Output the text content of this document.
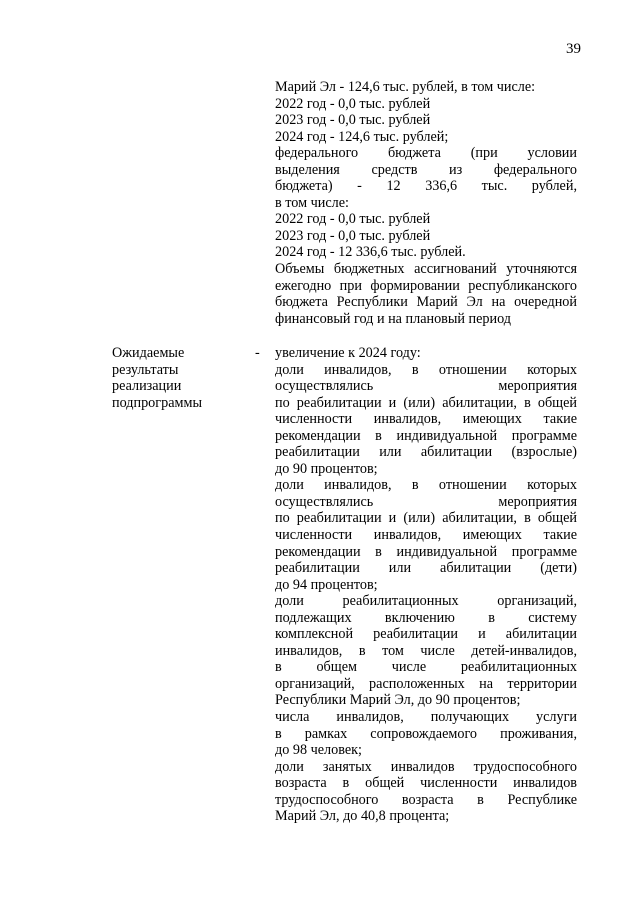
39
Марий Эл - 124,6 тыс. рублей, в том числе:
2022 год - 0,0 тыс. рублей
2023 год - 0,0 тыс. рублей
2024 год - 124,6 тыс. рублей;
федерального бюджета (при условии
выделения средств из федерального
бюджета) - 12 336,6 тыс. рублей,
в том числе:
2022 год - 0,0 тыс. рублей
2023 год - 0,0 тыс. рублей
2024 год - 12 336,6 тыс. рублей.
Объемы бюджетных ассигнований уточняются
ежегодно при формировании республиканского
бюджета Республики Марий Эл на очередной
финансовый год и на плановый период
Ожидаемые
результаты
реализации
подпрограммы
- увеличение к 2024 году:
доли инвалидов, в отношении которых
осуществлялись мероприятия
по реабилитации и (или) абилитации, в общей
численности инвалидов, имеющих такие
рекомендации в индивидуальной программе
реабилитации или абилитации (взрослые)
до 90 процентов;
доли инвалидов, в отношении которых
осуществлялись мероприятия
по реабилитации и (или) абилитации, в общей
численности инвалидов, имеющих такие
рекомендации в индивидуальной программе
реабилитации или абилитации (дети)
до 94 процентов;
доли реабилитационных организаций,
подлежащих включению в систему
комплексной реабилитации и абилитации
инвалидов, в том числе детей-инвалидов,
в общем числе реабилитационных
организаций, расположенных на территории
Республики Марий Эл, до 90 процентов;
числа инвалидов, получающих услуги
в рамках сопровождаемого проживания,
до 98 человек;
доли занятых инвалидов трудоспособного
возраста в общей численности инвалидов
трудоспособного возраста в Республике
Марий Эл, до 40,8 процента;
